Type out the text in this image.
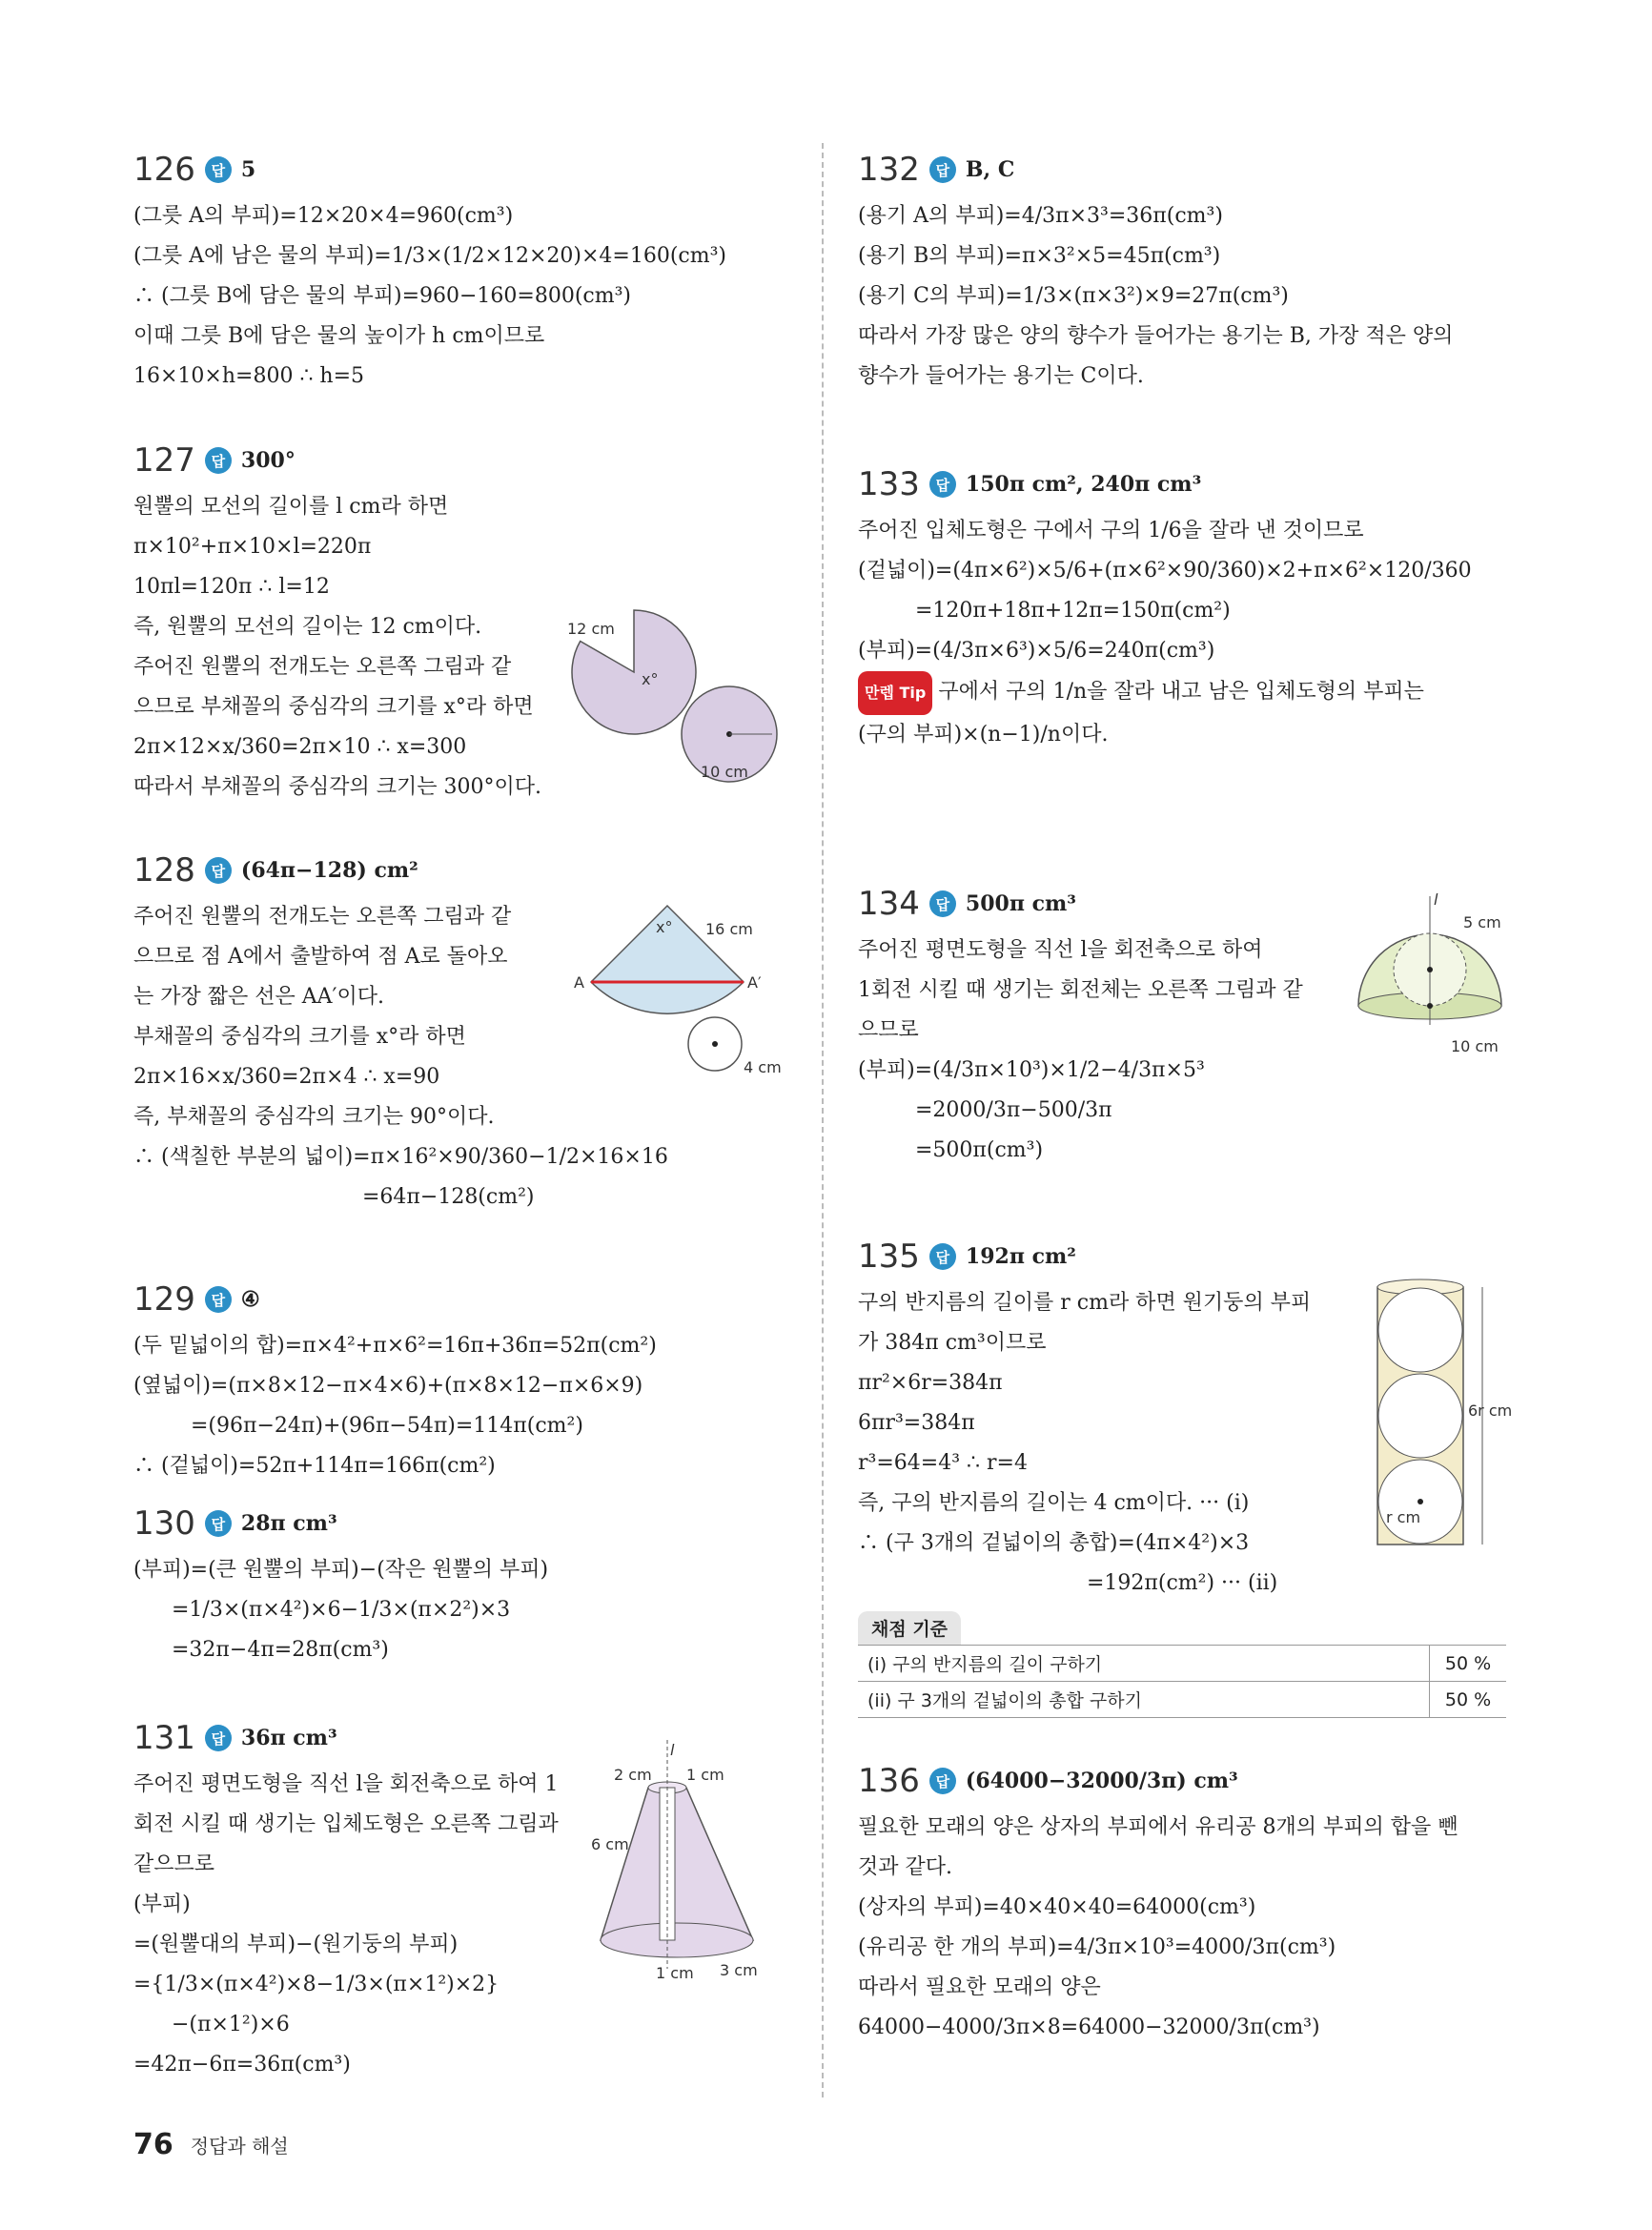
126	답 5
(그릇 A의 부피)=12×20×4=960(cm³)
(그릇 A에 남은 물의 부피)=1/3×(1/2×12×20)×4=160(cm³)
∴ (그릇 B에 담은 물의 부피)=960−160=800(cm³)
이때 그릇 B에 담은 물의 높이가 h cm이므로
16×10×h=800 ∴ h=5
127	답 300°
원뿔의 모선의 길이를 l cm라 하면
π×10²+π×10×l=220π
10πl=120π ∴ l=12
즉, 원뿔의 모선의 길이는 12 cm이다.
주어진 원뿔의 전개도는 오른쪽 그림과 같
으므로 부채꼴의 중심각의 크기를 x°라 하면
2π×12×x/360=2π×10 ∴ x=300
따라서 부채꼴의 중심각의 크기는 300°이다.
12 cm
x°
10 cm
128	답 (64π−128) cm²
주어진 원뿔의 전개도는 오른쪽 그림과 같
으므로 점 A에서 출발하여 점 A로 돌아오
는 가장 짧은 선은 AA′이다.
부채꼴의 중심각의 크기를 x°라 하면
2π×16×x/360=2π×4 ∴ x=90
즉, 부채꼴의 중심각의 크기는 90°이다.
∴ (색칠한 부분의 넓이)=π×16²×90/360−1/2×16×16
=64π−128(cm²)
A	A′
x° 16 cm
4 cm
129	답 ④
(두 밑넓이의 합)=π×4²+π×6²=16π+36π=52π(cm²)
(옆넓이)=(π×8×12−π×4×6)+(π×8×12−π×6×9)
=(96π−24π)+(96π−54π)=114π(cm²)
∴ (겉넓이)=52π+114π=166π(cm²)
130	답 28π cm³
(부피)=(큰 원뿔의 부피)−(작은 원뿔의 부피)
=1/3×(π×4²)×6−1/3×(π×2²)×3
=32π−4π=28π(cm³)
131	답 36π cm³
주어진 평면도형을 직선 l을 회전축으로 하여 1
회전 시킬 때 생기는 입체도형은 오른쪽 그림과
같으므로
(부피)
=(원뿔대의 부피)−(원기둥의 부피)
={1/3×(π×4²)×8−1/3×(π×1²)×2}
−(π×1²)×6
=42π−6π=36π(cm³)
l
2 cm 1 cm
6 cm
1 cm 3 cm
132	답 B, C
(용기 A의 부피)=4/3π×3³=36π(cm³)
(용기 B의 부피)=π×3²×5=45π(cm³)
(용기 C의 부피)=1/3×(π×3²)×9=27π(cm³)
따라서 가장 많은 양의 향수가 들어가는 용기는 B, 가장 적은 양의
향수가 들어가는 용기는 C이다.
133	답 150π cm², 240π cm³
주어진 입체도형은 구에서 구의 1/6을 잘라 낸 것이므로
(겉넓이)=(4π×6²)×5/6+(π×6²×90/360)×2+π×6²×120/360
=120π+18π+12π=150π(cm²)
(부피)=(4/3π×6³)×5/6=240π(cm³)
만렙 Tip 구에서 구의 1/n을 잘라 내고 남은 입체도형의 부피는
(구의 부피)×(n−1)/n이다.
134	답 500π cm³
주어진 평면도형을 직선 l을 회전축으로 하여
1회전 시킬 때 생기는 회전체는 오른쪽 그림과 같
으므로
(부피)=(4/3π×10³)×1/2−4/3π×5³
=2000/3π−500/3π
=500π(cm³)
l
5 cm
10 cm
135	답 192π cm²
구의 반지름의 길이를 r cm라 하면 원기둥의 부피
가 384π cm³이므로
πr²×6r=384π
6πr³=384π
r³=64=4³ ∴ r=4
즉, 구의 반지름의 길이는 4 cm이다. ··· (i)
∴ (구 3개의 겉넓이의 총합)=(4π×4²)×3
=192π(cm²) ··· (ii)
6r cm
r cm
채점 기준
(i) 구의 반지름의 길이 구하기	50 %
(ii) 구 3개의 겉넓이의 총합 구하기	50 %
136	답 (64000−32000/3π) cm³
필요한 모래의 양은 상자의 부피에서 유리공 8개의 부피의 합을 뺀
것과 같다.
(상자의 부피)=40×40×40=64000(cm³)
(유리공 한 개의 부피)=4/3π×10³=4000/3π(cm³)
따라서 필요한 모래의 양은
64000−4000/3π×8=64000−32000/3π(cm³)
76 정답과 해설
